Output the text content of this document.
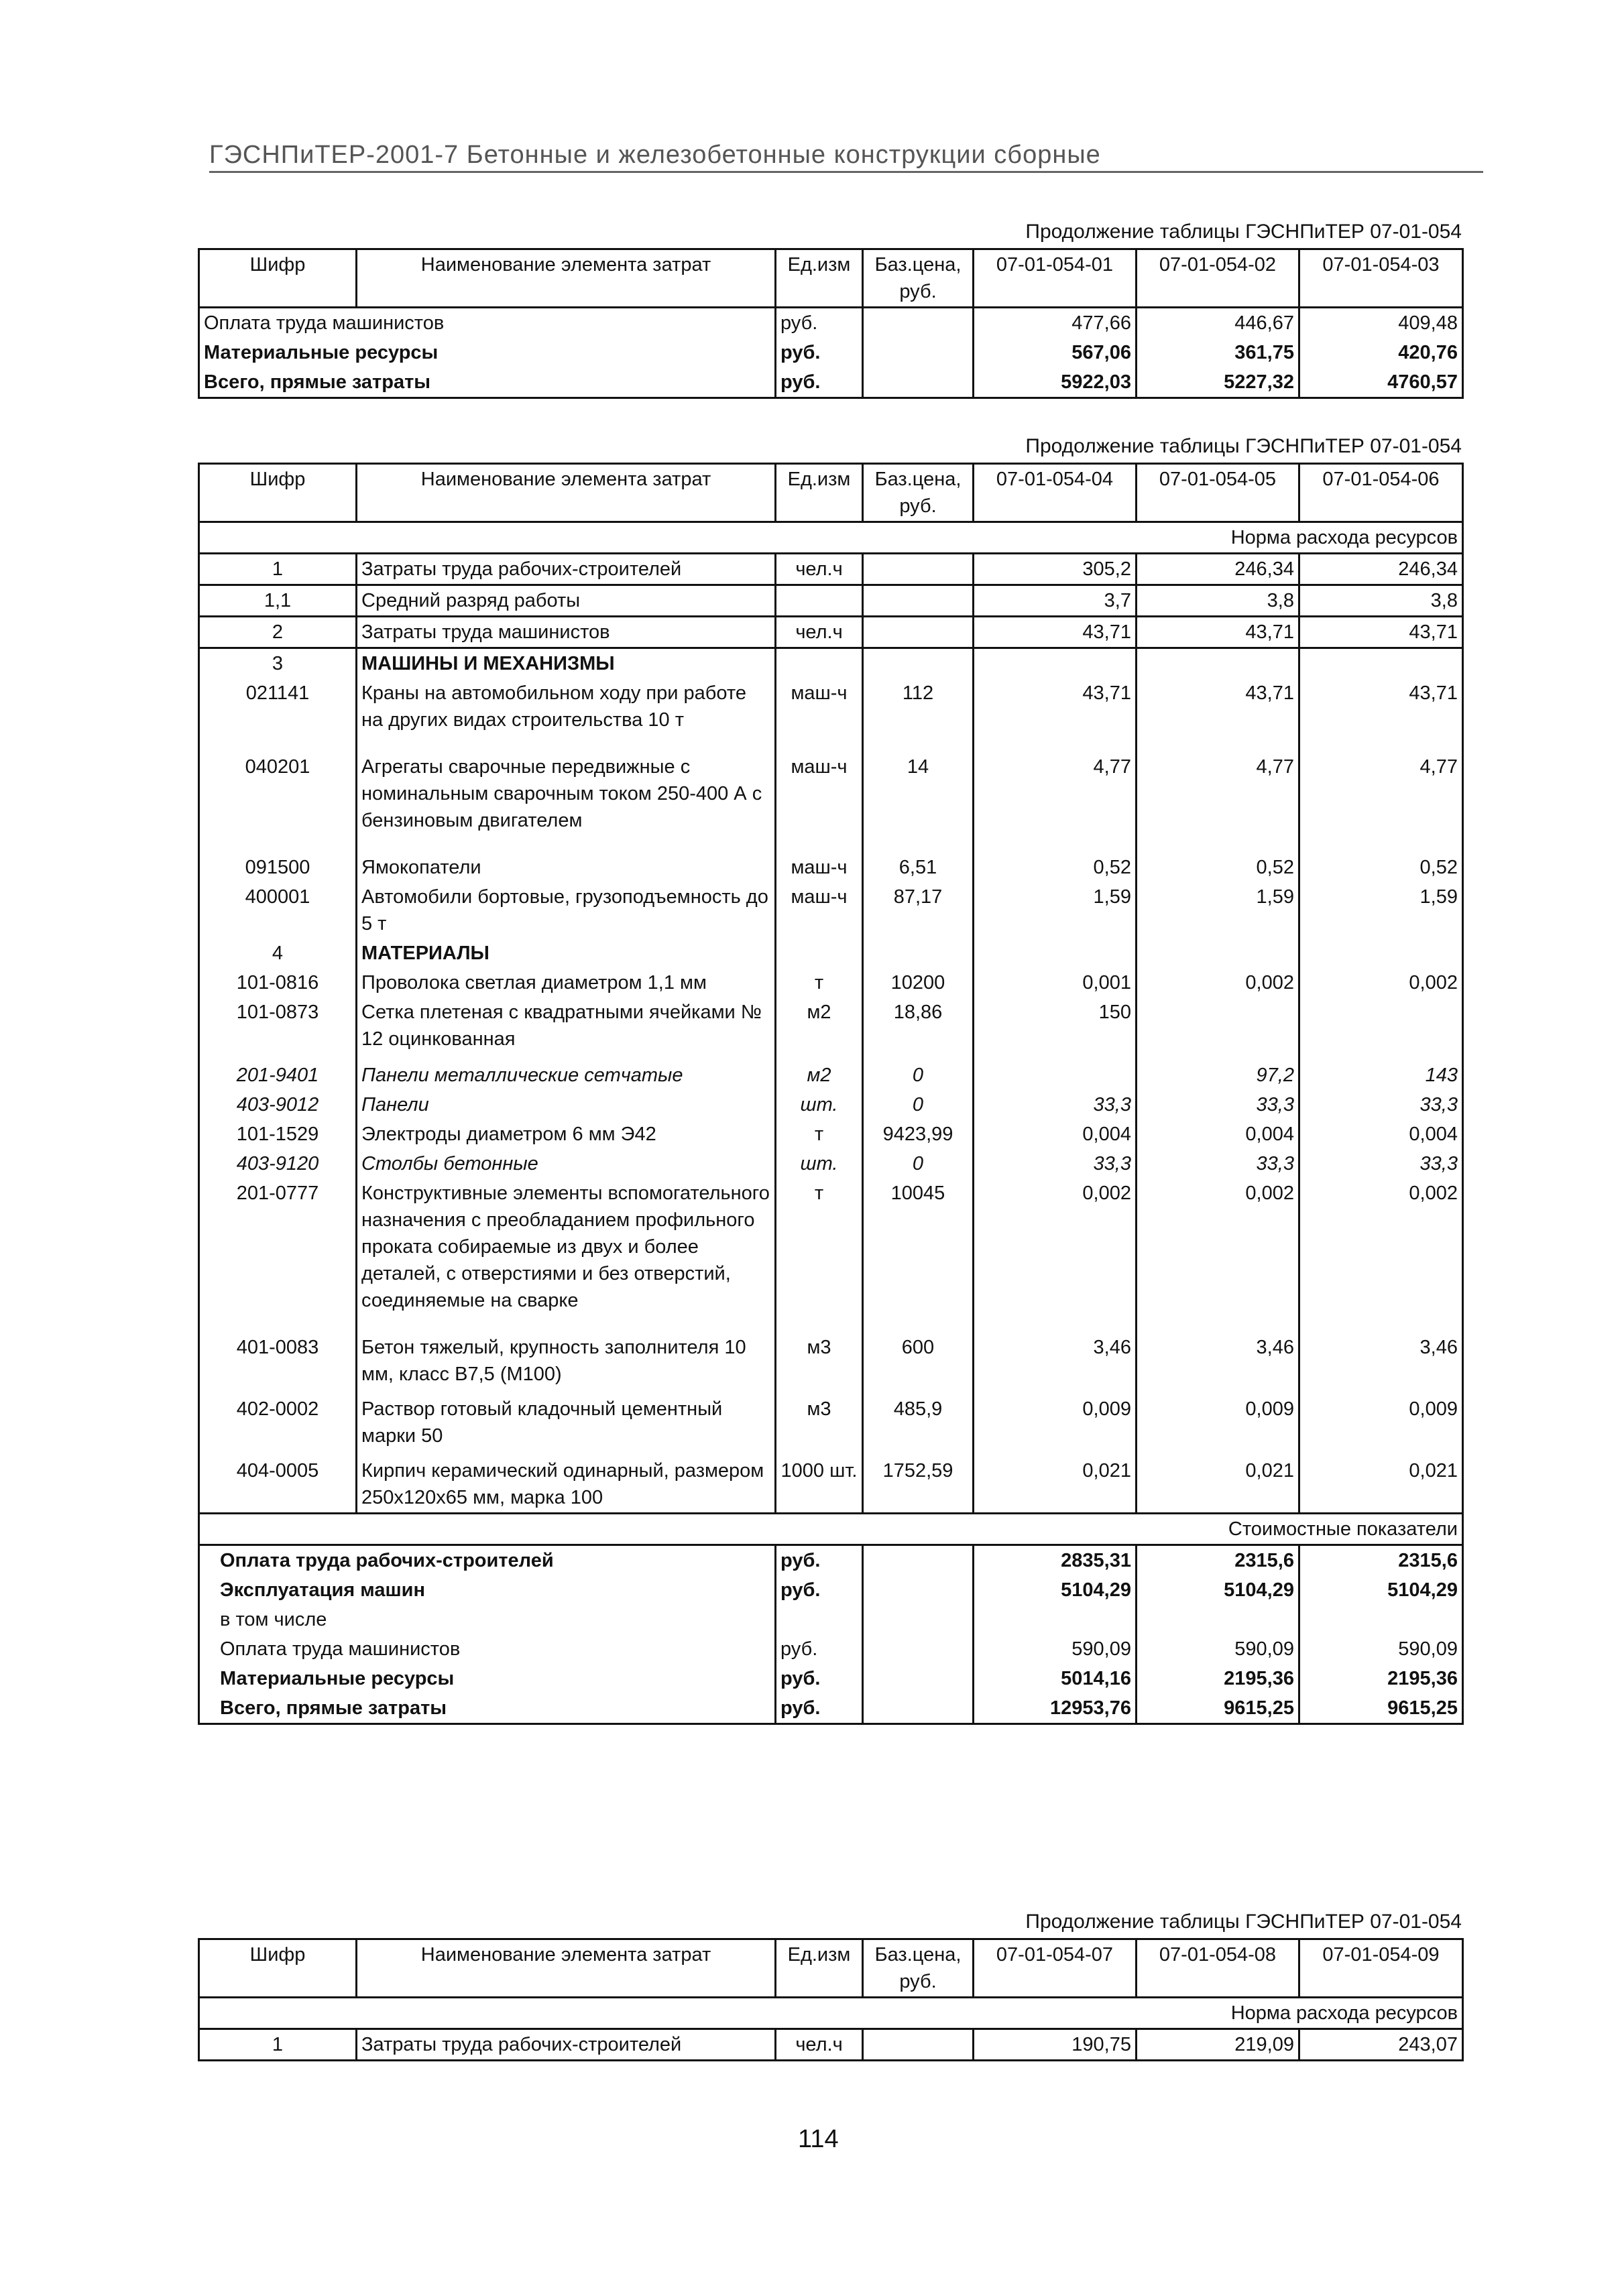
ГЭСНПиТЕР-2001-7 Бетонные и железобетонные конструкции сборные
Продолжение таблицы ГЭСНПиТЕР 07-01-054
Шифр	Наименование элемента затрат	Ед.изм	Баз.цена, руб.	07-01-054-01	07-01-054-02	07-01-054-03
Оплата труда машинистов		руб.		477,66	446,67	409,48
Материальные ресурсы		руб.		567,06	361,75	420,76
Всего, прямые затраты		руб.		5922,03	5227,32	4760,57
Продолжение таблицы ГЭСНПиТЕР 07-01-054
Шифр	Наименование элемента затрат	Ед.изм	Баз.цена, руб.	07-01-054-04	07-01-054-05	07-01-054-06
Норма расхода ресурсов						
1	Затраты труда рабочих-строителей	чел.ч		305,2	246,34	246,34
1,1	Средний разряд работы			3,7	3,8	3,8
2	Затраты труда машинистов	чел.ч		43,71	43,71	43,71
3	МАШИНЫ И МЕХАНИЗМЫ					
021141	Краны на автомобильном ходу при работе на других видах строительства 10 т	маш-ч	112	43,71	43,71	43,71
040201	Агрегаты сварочные передвижные с номинальным сварочным током 250-400 А с бензиновым двигателем	маш-ч	14	4,77	4,77	4,77
091500	Ямокопатели	маш-ч	6,51	0,52	0,52	0,52
400001	Автомобили бортовые, грузоподъемность до 5 т	маш-ч	87,17	1,59	1,59	1,59
4	МАТЕРИАЛЫ					
101-0816	Проволока светлая диаметром 1,1 мм	т	10200	0,001	0,002	0,002
101-0873	Сетка плетеная с квадратными ячейками № 12 оцинкованная	м2	18,86	150		
201-9401	Панели металлические сетчатые	м2	0		97,2	143
403-9012	Панели	шт.	0	33,3	33,3	33,3
101-1529	Электроды диаметром 6 мм Э42	т	9423,99	0,004	0,004	0,004
403-9120	Столбы бетонные	шт.	0	33,3	33,3	33,3
201-0777	Конструктивные элементы вспомогательного назначения с преобладанием профильного проката собираемые из двух и более деталей, с отверстиями и без отверстий, соединяемые на сварке	т	10045	0,002	0,002	0,002
401-0083	Бетон тяжелый, крупность заполнителя 10 мм, класс В7,5 (М100)	м3	600	3,46	3,46	3,46
402-0002	Раствор готовый кладочный цементный марки 50	м3	485,9	0,009	0,009	0,009
404-0005	Кирпич керамический одинарный, размером 250х120х65 мм, марка 100	1000 шт.	1752,59	0,021	0,021	0,021
Стоимостные показатели						
Оплата труда рабочих-строителей		руб.		2835,31	2315,6	2315,6
Эксплуатация машин		руб.		5104,29	5104,29	5104,29
в том числе						
Оплата труда машинистов		руб.		590,09	590,09	590,09
Материальные ресурсы		руб.		5014,16	2195,36	2195,36
Всего, прямые затраты		руб.		12953,76	9615,25	9615,25
Продолжение таблицы ГЭСНПиТЕР 07-01-054
Шифр	Наименование элемента затрат	Ед.изм	Баз.цена, руб.	07-01-054-07	07-01-054-08	07-01-054-09
Норма расхода ресурсов						
1	Затраты труда рабочих-строителей	чел.ч		190,75	219,09	243,07
114
